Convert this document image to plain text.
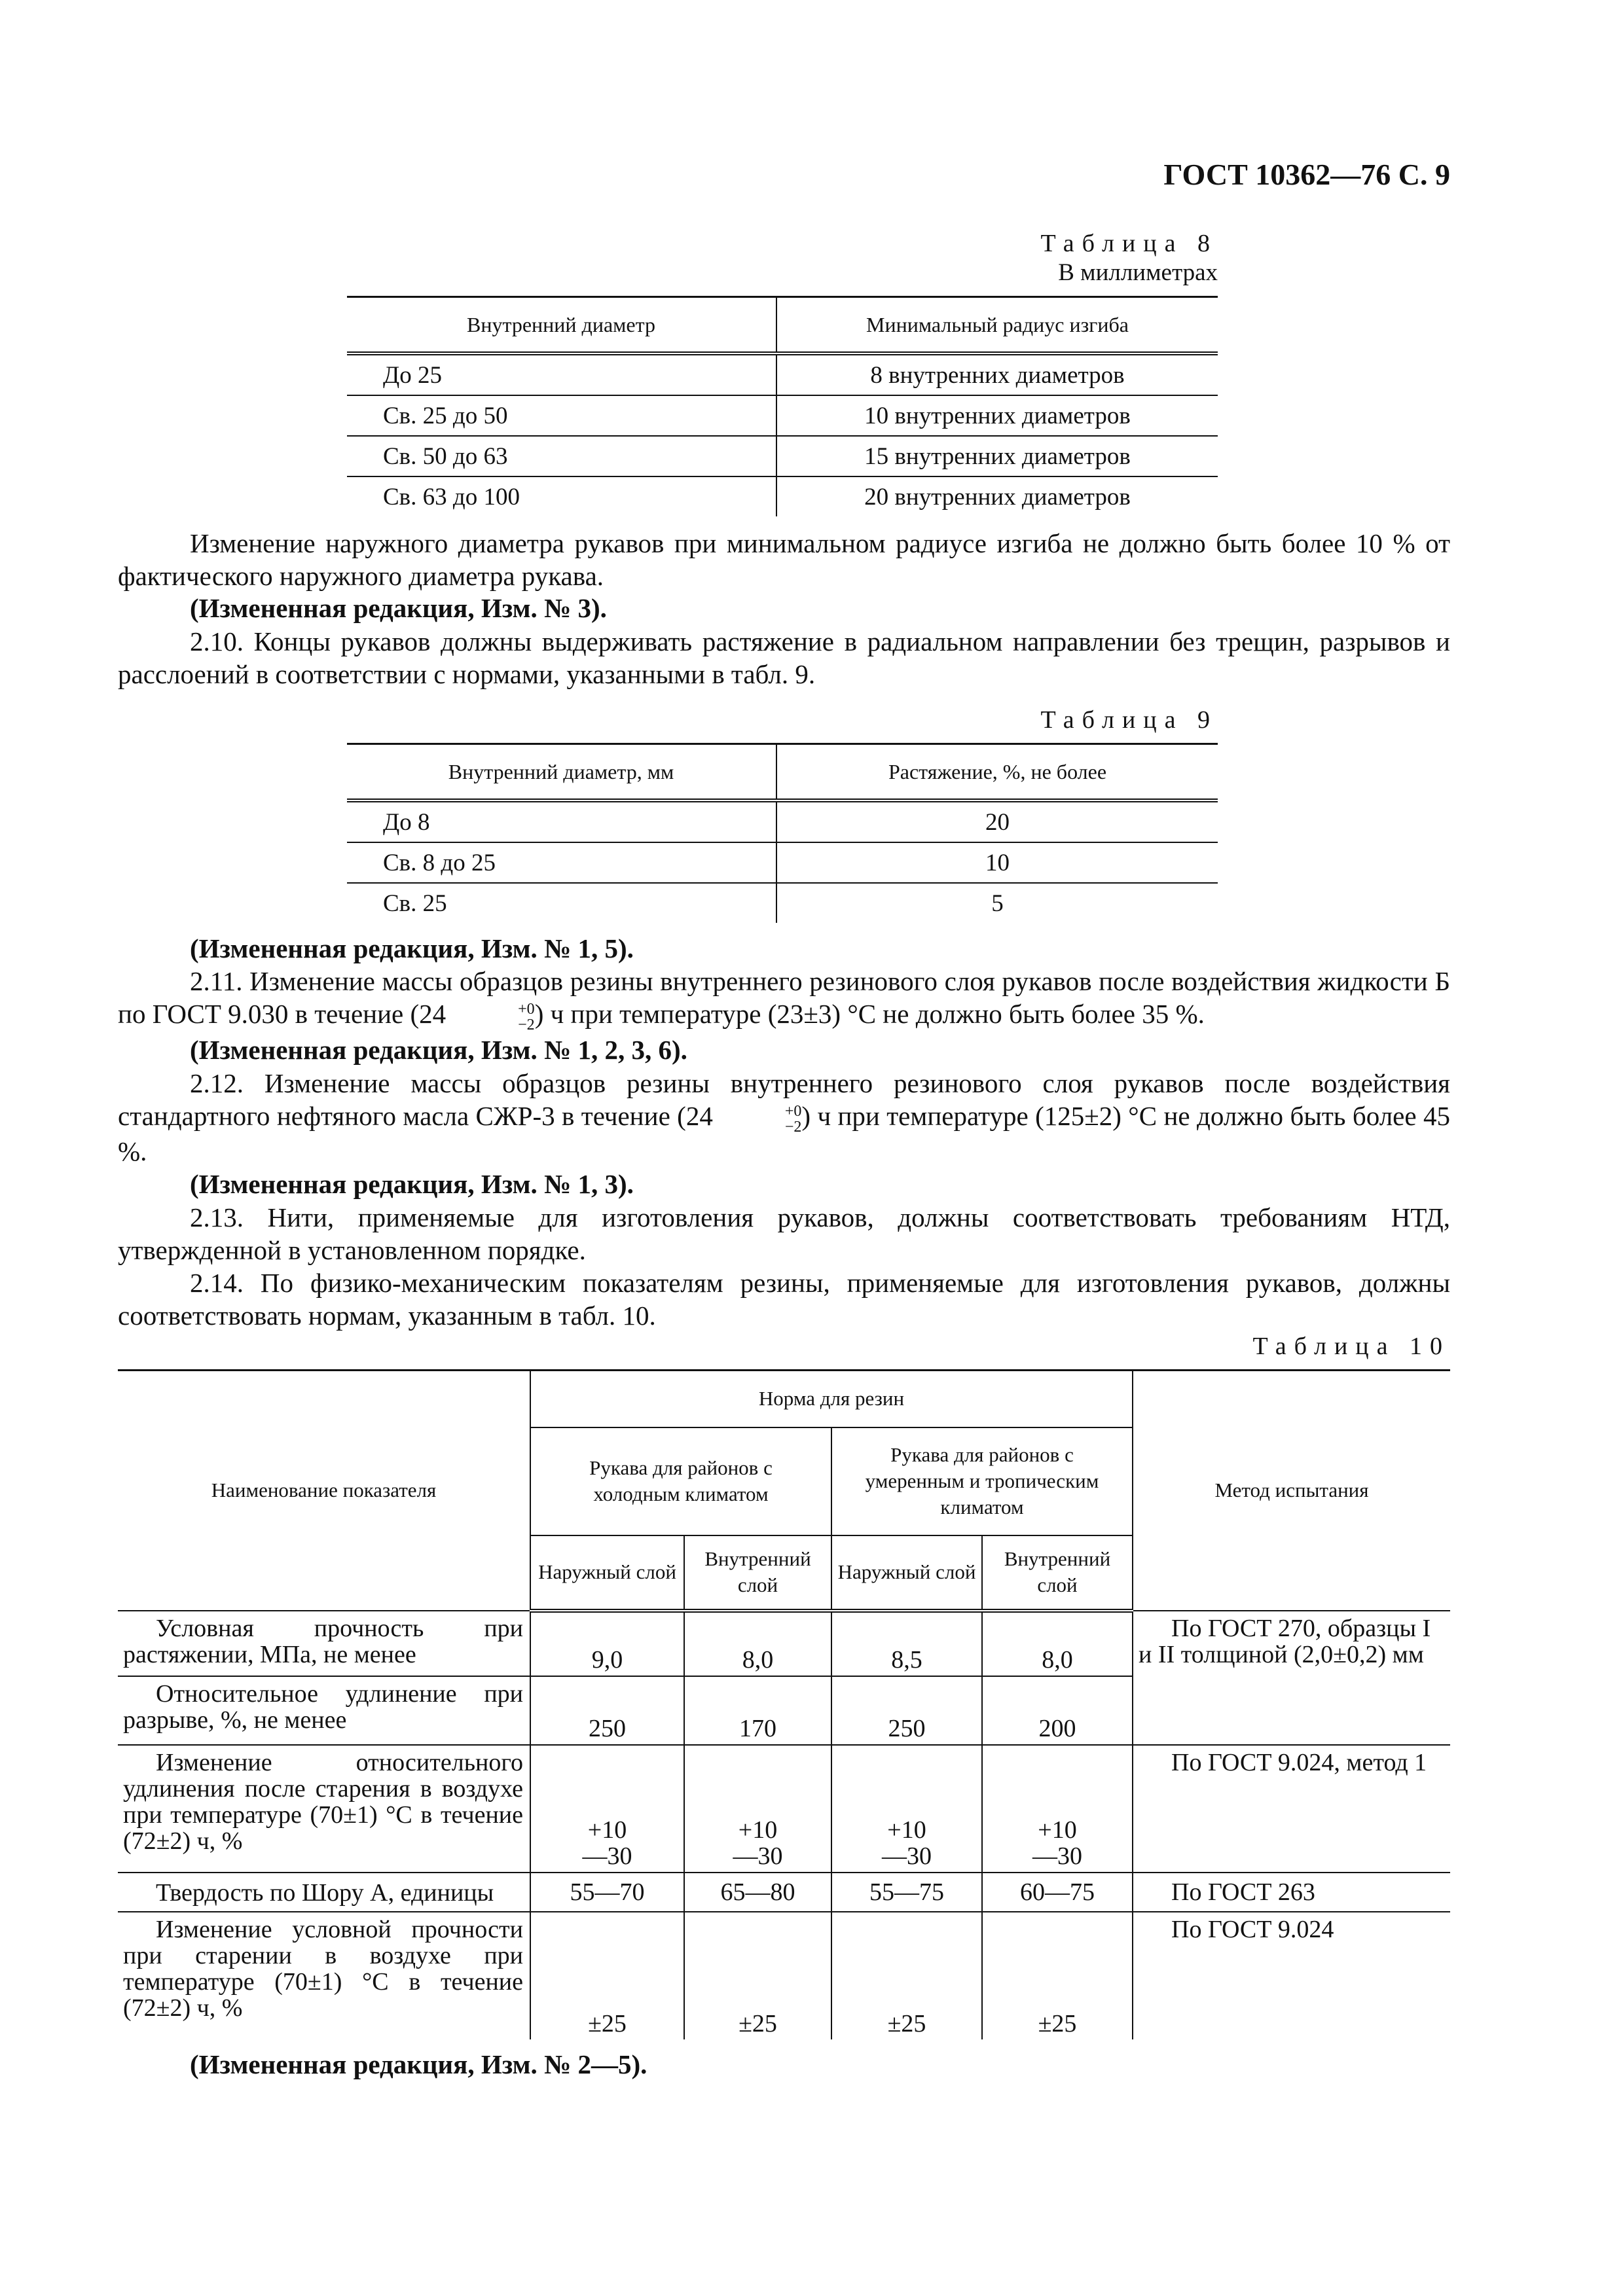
ГОСТ 10362—76 С. 9
Таблица 8
В миллиметрах
Внутренний диаметр	Минимальный радиус изгиба
До 25	8 внутренних диаметров
Св. 25 до 50	10 внутренних диаметров
Св. 50 до 63	15 внутренних диаметров
Св. 63 до 100	20 внутренних диаметров
Изменение наружного диаметра рукавов при минимальном радиусе изгиба не должно быть более 10 % от фактического наружного диаметра рукава.
(Измененная редакция, Изм. № 3).
2.10. Концы рукавов должны выдерживать растяжение в радиальном направлении без трещин, разрывов и расслоений в соответствии с нормами, указанными в табл. 9.
Таблица 9
Внутренний диаметр, мм	Растяжение, %, не более
До 8	20
Св. 8 до 25	10
Св. 25	5
(Измененная редакция, Изм. № 1, 5).
2.11. Изменение массы образцов резины внутреннего резинового слоя рукавов после воздействия жидкости Б по ГОСТ 9.030 в течение (24	+0
−2 ) ч при температуре (23±3) °С не должно быть более 35 %.
(Измененная редакция, Изм. № 1, 2, 3, 6).
2.12. Изменение массы образцов резины внутреннего резинового слоя рукавов после воздействия стандартного нефтяного масла СЖР-3 в течение (24	+0
−2 ) ч при температуре (125±2) °С не должно быть более 45 %.
(Измененная редакция, Изм. № 1, 3).
2.13. Нити, применяемые для изготовления рукавов, должны соответствовать требованиям НТД, утвержденной в установленном порядке.
2.14. По физико-механическим показателям резины, применяемые для изготовления рукавов, должны соответствовать нормам, указанным в табл. 10.
Таблица 10
Наименование показателя	Норма для резин				Метод испытания
	Рукава для районов с холодным климатом		Рукава для районов с умеренным и тропическим климатом		
	Наружный слой	Внутренний слой	Наружный слой	Внутренний слой	
Условная прочность при растяжении, МПа, не менее	9,0	8,0	8,5	8,0	По ГОСТ 270, образцы I и II толщиной (2,0±0,2) мм
Относительное удлинение при разрыве, %, не менее	250	170	250	200	
Изменение относительного удлинения после старения в воздухе при температуре (70±1) °С в течение (72±2) ч, %	+10
—30	+10
—30	+10
—30	+10
—30	По ГОСТ 9.024, метод 1
Твердость по Шору А, единицы	55—70	65—80	55—75	60—75	По ГОСТ 263
Изменение условной прочности при старении в воздухе при температуре (70±1) °С в течение (72±2) ч, %	±25	±25	±25	±25	По ГОСТ 9.024
(Измененная редакция, Изм. № 2—5).
